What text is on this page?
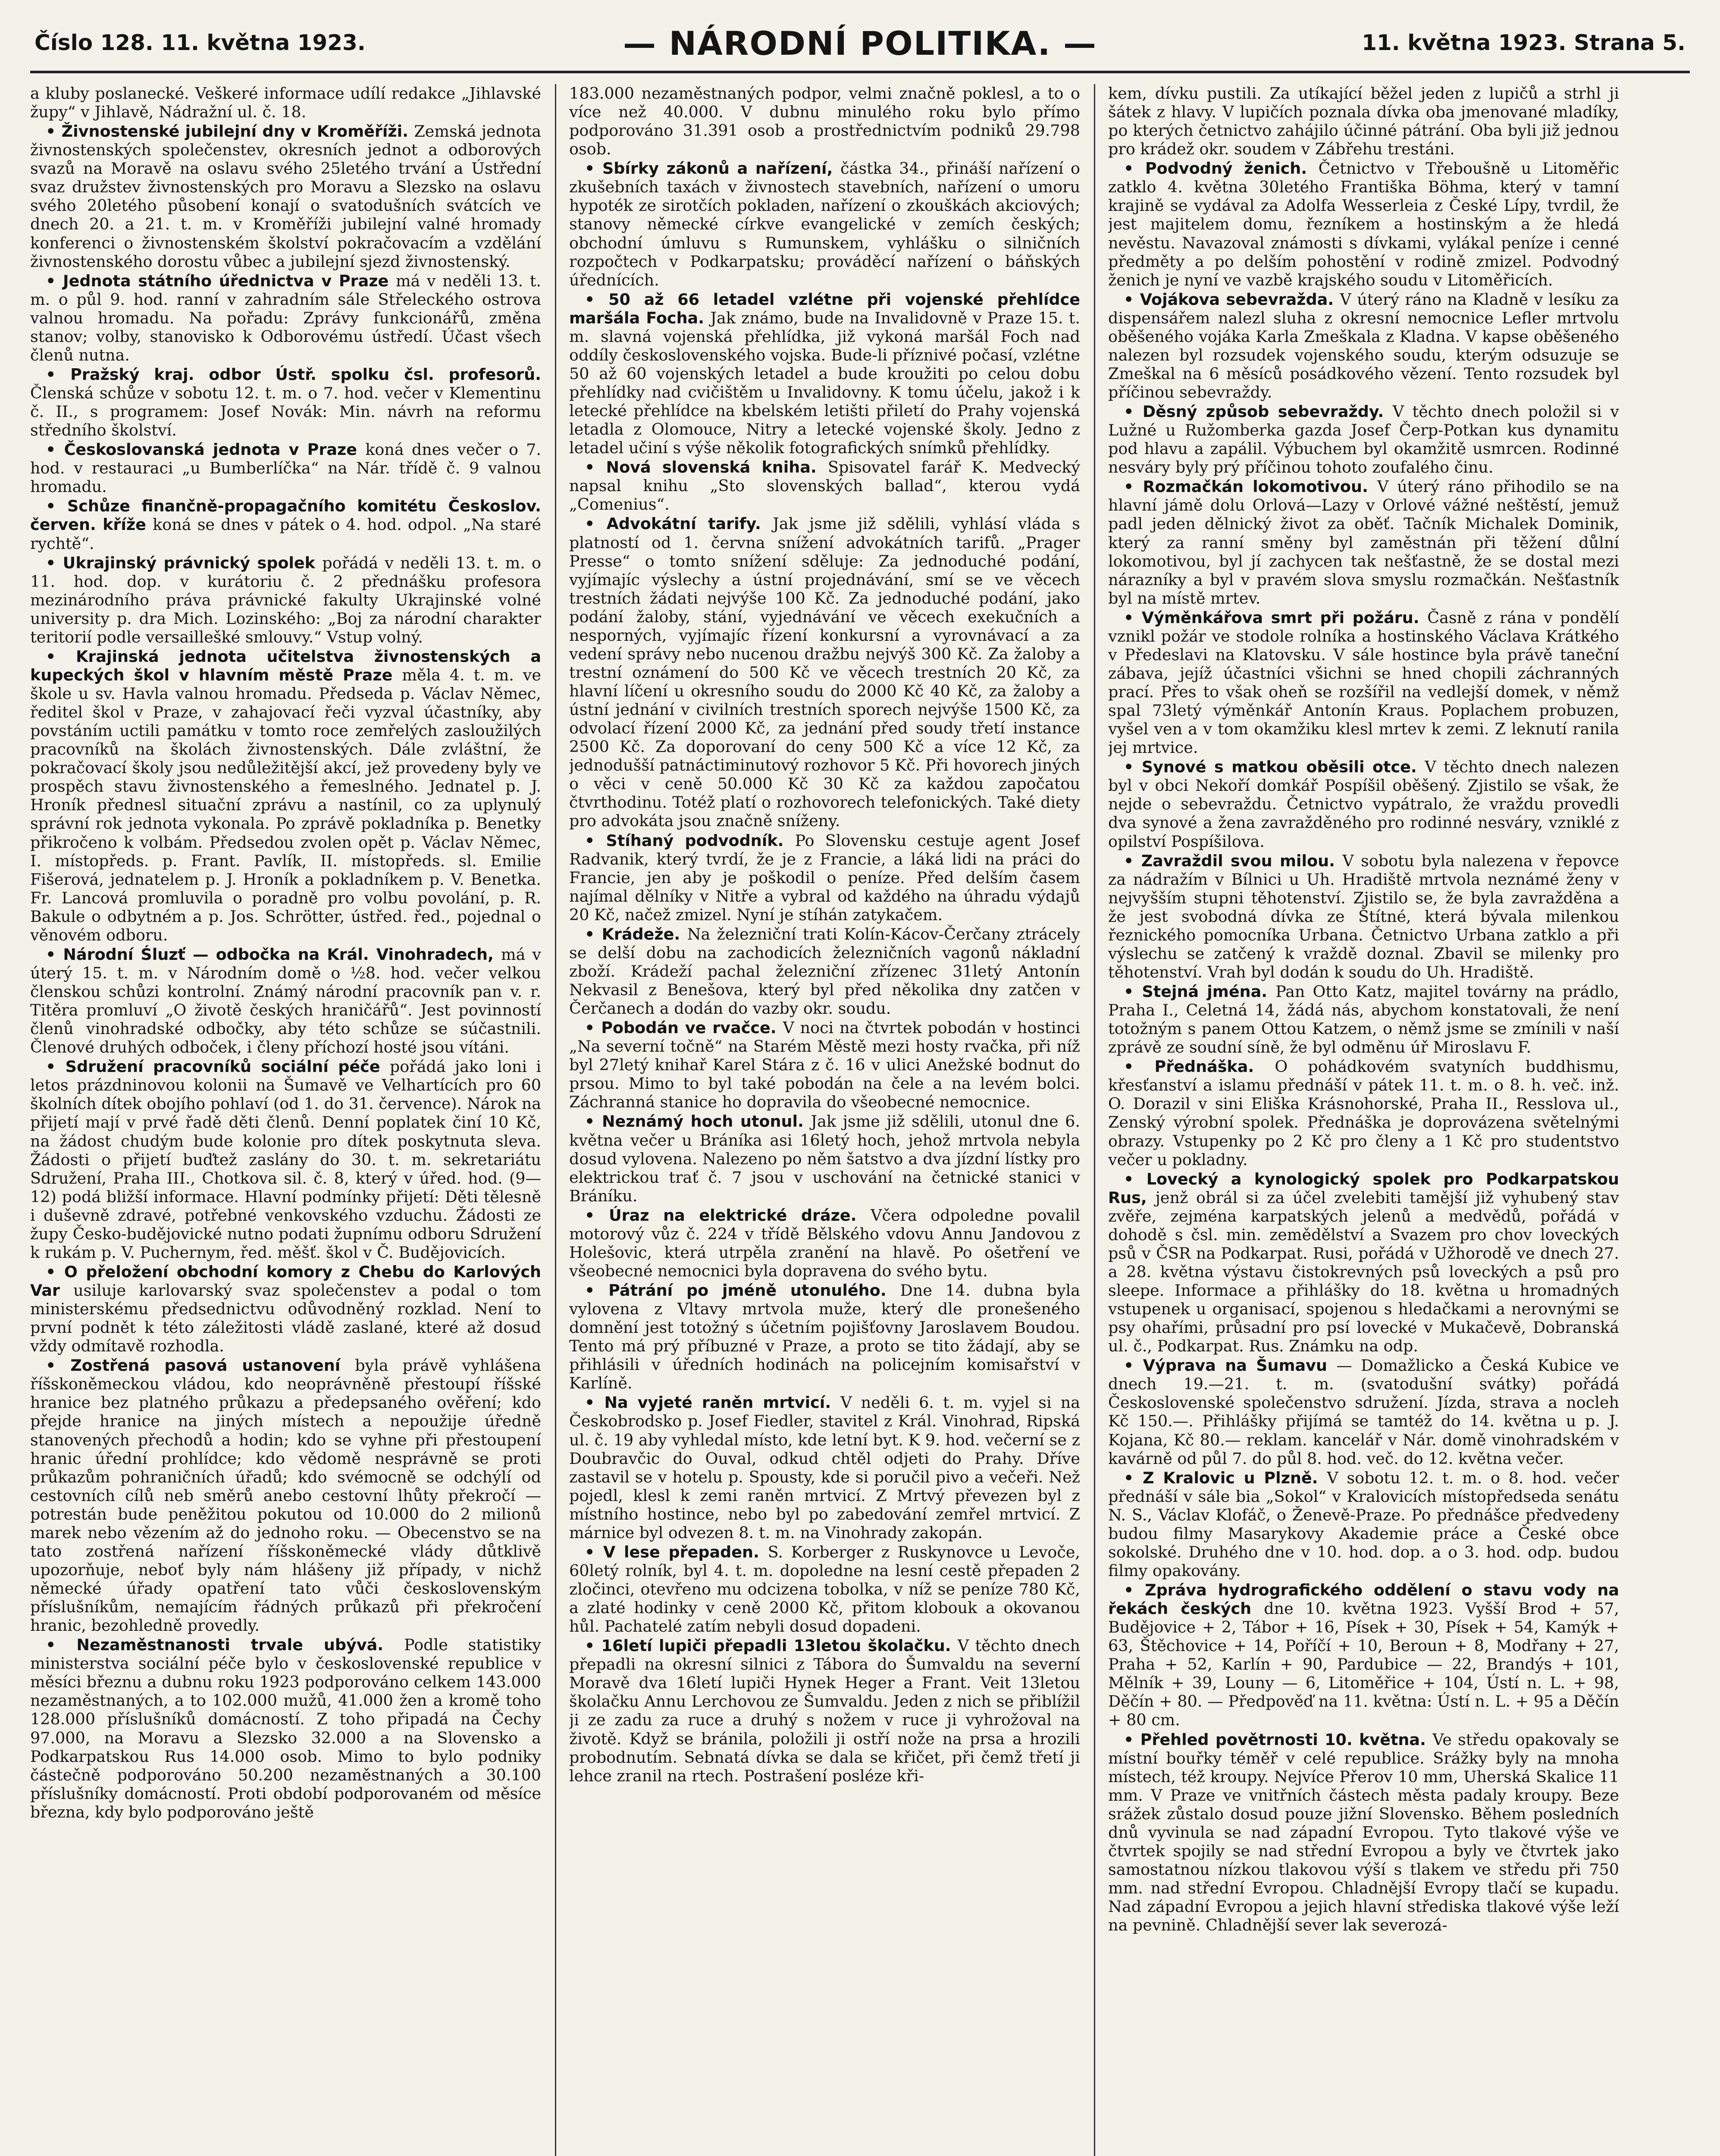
Číslo 128. 11. května 1923.	— NÁRODNÍ POLITIKA. —	11. května 1923. Strana 5.

a kluby poslanecké. Veškeré informace udílí redakce „Jihlavské župy“ v Jihlavě, Nádražní ul. č. 18.

• Živnostenské jubilejní dny v Kroměříži. Zemská jednota živnostenských společenstev, okresních jednot a odborových svazů na Moravě na oslavu svého 25letého trvání a Ústřední svaz družstev živnostenských pro Moravu a Slezsko na oslavu svého 20letého působení konají o svatodušních svátcích ve dnech 20. a 21. t. m. v Kroměříži jubilejní valné hromady konferenci o živnostenském školství pokračovacím a vzdělání živnostenského dorostu vůbec a jubilejní sjezd živnostenský.

• Jednota státního úřednictva v Praze má v neděli 13. t. m. o půl 9. hod. ranní v zahradním sále Střeleckého ostrova valnou hromadu. Na pořadu: Zprávy funkcionářů, změna stanov; volby, stanovisko k Odborovému ústředí. Účast všech členů nutna.

• Pražský kraj. odbor Ústř. spolku čsl. profesorů. Členská schůze v sobotu 12. t. m. o 7. hod. večer v Klementinu č. II., s programem: Josef Novák: Min. návrh na reformu středního školství.

• Českoslovanská jednota v Praze koná dnes večer o 7. hod. v restauraci „u Bumberlíčka“ na Nár. třídě č. 9 valnou hromadu.

• Schůze finančně-propagačního komitétu Českoslov. červen. kříže koná se dnes v pátek o 4. hod. odpol. „Na staré rychtě“.

• Ukrajinský právnický spolek pořádá v neděli 13. t. m. o 11. hod. dop. v kurátoriu č. 2 přednášku profesora mezinárodního práva právnické fakulty Ukrajinské volné university p. dra Mich. Lozinského: „Boj za národní charakter teritorií podle versaillešké smlouvy.“ Vstup volný.

• Krajinská jednota učitelstva živnostenských a kupeckých škol v hlavním městě Praze měla 4. t. m. ve škole u sv. Havla valnou hromadu. Předseda p. Václav Němec, ředitel škol v Praze, v zahajovací řeči vyzval účastníky, aby povstáním uctili památku v tomto roce zemřelých zasloužilých pracovníků na školách živnostenských. Dále zvláštní, že pokračovací školy jsou nedůležitější akcí, jež provedeny byly ve prospěch stavu živnostenského a řemeslného. Jednatel p. J. Hroník přednesl situační zprávu a nastínil, co za uplynulý správní rok jednota vykonala. Po zprávě pokladníka p. Benetky přikročeno k volbám. Předsedou zvolen opět p. Václav Němec, I. místopředs. p. Frant. Pavlík, II. místopředs. sl. Emilie Fišerová, jednatelem p. J. Hroník a pokladníkem p. V. Benetka. Fr. Lancová promluvila o poradně pro volbu povolání, p. R. Bakule o odbytném a p. Jos. Schrötter, ústřed. řed., pojednal o věnovém odboru.

• Národní Śluzť — odbočka na Král. Vinohradech, má v úterý 15. t. m. v Národním domě o ½8. hod. večer velkou členskou schůzi kontrolní. Známý národní pracovník pan v. r. Titěra promluví „O životě českých hraničářů“. Jest povinností členů vinohradské odbočky, aby této schůze se súčastnili. Členové druhých odboček, i členy příchozí hosté jsou vítáni.

• Sdružení pracovníků sociální péče pořádá jako loni i letos prázdninovou kolonii na Šumavě ve Velhartících pro 60 školních dítek obojího pohlaví (od 1. do 31. července). Nárok na přijetí mají v prvé řadě děti členů. Denní poplatek činí 10 Kč, na žádost chudým bude kolonie pro dítek poskytnuta sleva. Žádosti o přijetí buďtež zaslány do 30. t. m. sekretariátu Sdružení, Praha III., Chotkova sil. č. 8, který v úřed. hod. (9—12) podá bližší informace. Hlavní podmínky přijetí: Děti tělesně i duševně zdravé, potřebné venkovského vzduchu. Žádosti ze župy Česko-budějovické nutno podati župnímu odboru Sdružení k rukám p. V. Puchernym, řed. měšť. škol v Č. Budějovicích.

• O přeložení obchodní komory z Chebu do Karlových Var usiluje karlovarský svaz společenstev a podal o tom ministerskému předsednictvu odůvodněný rozklad. Není to první podnět k této záležitosti vládě zaslané, které až dosud vždy odmítavě rozhodla.

• Zostřená pasová ustanovení byla právě vyhlášena říšskoněmeckou vládou, kdo neoprávněně přestoupí říšské hranice bez platného průkazu a předepsaného ověření; kdo přejde hranice na jiných místech a nepoužije úředně stanovených přechodů a hodin; kdo se vyhne při přestoupení hranic úřední prohlídce; kdo vědomě nesprávně se proti průkazům pohraničních úřadů; kdo svémocně se odchýlí od cestovních cílů neb směrů anebo cestovní lhůty překročí — potrestán bude peněžitou pokutou od 10.000 do 2 milionů marek nebo vězením až do jednoho roku. — Obecenstvo se na tato zostřená nařízení říšskoněmecké vlády důtklivě upozorňuje, neboť byly nám hlášeny již případy, v nichž německé úřady opatření tato vůči československým příslušníkům, nemajícím řádných průkazů při překročení hranic, bezohledně provedly.

• Nezaměstnanosti trvale ubývá. Podle statistiky ministerstva sociální péče bylo v československé republice v měsíci březnu a dubnu roku 1923 podporováno celkem 143.000 nezaměstnaných, a to 102.000 mužů, 41.000 žen a kromě toho 128.000 příslušníků domácností. Z toho připadá na Čechy 97.000, na Moravu a Slezsko 32.000 a na Slovensko a Podkarpatskou Rus 14.000 osob. Mimo to bylo podniky částečně podporováno 50.200 nezaměstnaných a 30.100 příslušníky domácností. Proti období podporovaném od měsíce března, kdy bylo podporováno ještě

183.000 nezaměstnaných podpor, velmi značně poklesl, a to o více než 40.000. V dubnu minulého roku bylo přímo podporováno 31.391 osob a prostřednictvím podniků 29.798 osob.

• Sbírky zákonů a nařízení, částka 34., přináší nařízení o zkušebních taxách v živnostech stavebních, nařízení o umoru hypoték ze sirotčích pokladen, nařízení o zkouškách akciových; stanovy německé církve evangelické v zemích českých; obchodní úmluvu s Rumunskem, vyhlášku o silničních rozpočtech v Podkarpatsku; prováděcí nařízení o báňských úřednících.

• 50 až 66 letadel vzlétne při vojenské přehlídce maršála Focha. Jak známo, bude na Invalidovně v Praze 15. t. m. slavná vojenská přehlídka, již vykoná maršál Foch nad oddíly československého vojska. Bude-li příznivé počasí, vzlétne 50 až 60 vojenských letadel a bude kroužiti po celou dobu přehlídky nad cvičištěm u Invalidovny. K tomu účelu, jakož i k letecké přehlídce na kbelském letišti přiletí do Prahy vojenská letadla z Olomouce, Nitry a letecké vojenské školy. Jedno z letadel učiní s výše několik fotografických snímků přehlídky.

• Nová slovenská kniha. Spisovatel farář K. Medvecký napsal knihu „Sto slovenských ballad“, kterou vydá „Comenius“.

• Advokátní tarify. Jak jsme již sdělili, vyhlásí vláda s platností od 1. června snížení advokátních tarifů. „Prager Presse“ o tomto snížení sděluje: Za jednoduché podání, vyjímajíc výslechy a ústní projednávání, smí se ve věcech trestních žádati nejvýše 100 Kč. Za jednoduché podání, jako podání žaloby, stání, vyjednávání ve věcech exekučních a nesporných, vyjímajíc řízení konkursní a vyrovnávací a za vedení správy nebo nucenou dražbu nejvýš 300 Kč. Za žaloby a trestní oznámení do 500 Kč ve věcech trestních 20 Kč, za hlavní líčení u okresního soudu do 2000 Kč 40 Kč, za žaloby a ústní jednání v civilních trestních sporech nejvýše 1500 Kč, za odvolací řízení 2000 Kč, za jednání před soudy třetí instance 2500 Kč. Za doporovaní do ceny 500 Kč a více 12 Kč, za jednodušší patnáctiminutový rozhovor 5 Kč. Při hovorech jiných o věci v ceně 50.000 Kč 30 Kč za každou započatou čtvrthodinu. Totéž platí o rozhovorech telefonických. Také diety pro advokáta jsou značně sníženy.

• Stíhaný podvodník. Po Slovensku cestuje agent Josef Radvanik, který tvrdí, že je z Francie, a láká lidi na práci do Francie, jen aby je poškodil o peníze. Před delším časem najímal dělníky v Nitře a vybral od každého na úhradu výdajů 20 Kč, načež zmizel. Nyní je stíhán zatykačem.

• Krádeže. Na železniční trati Kolín-Kácov-Čerčany ztrácely se delší dobu na zachodicích železničních vagonů nákladní zboží. Krádeží pachal železniční zřízenec 31letý Antonín Nekvasil z Benešova, který byl před několika dny zatčen v Čerčanech a dodán do vazby okr. soudu.

• Pobodán ve rvačce. V noci na čtvrtek pobodán v hostinci „Na severní točně“ na Starém Městě mezi hosty rvačka, při níž byl 27letý knihař Karel Stára z č. 16 v ulici Anežské bodnut do prsou. Mimo to byl také pobodán na čele a na levém bolci. Záchranná stanice ho dopravila do všeobecné nemocnice.

• Neznámý hoch utonul. Jak jsme již sdělili, utonul dne 6. května večer u Bráníka asi 16letý hoch, jehož mrtvola nebyla dosud vylovena. Nalezeno po něm šatstvo a dva jízdní lístky pro elektrickou trať č. 7 jsou v uschování na četnické stanici v Bráníku.

• Úraz na elektrické dráze. Včera odpoledne povalil motorový vůz č. 224 v třídě Bělského vdovu Annu Jandovou z Holešovic, která utrpěla zranění na hlavě. Po ošetření ve všeobecné nemocnici byla dopravena do svého bytu.

• Pátrání po jméně utonulého. Dne 14. dubna byla vylovena z Vltavy mrtvola muže, který dle pronešeného domnění jest totožný s účetním pojišťovny Jaroslavem Boudou. Tento má prý příbuzné v Praze, a proto se tito žádají, aby se přihlásili v úředních hodinách na policejním komisařství v Karlíně.

• Na vyjeté raněn mrtvicí. V neděli 6. t. m. vyjel si na Českobrodsko p. Josef Fiedler, stavitel z Král. Vinohrad, Ripská ul. č. 19 aby vyhledal místo, kde letní byt. K 9. hod. večerní se z Doubravčic do Ouval, odkud chtěl odjeti do Prahy. Dříve zastavil se v hotelu p. Spousty, kde si poručil pivo a večeři. Než pojedl, klesl k zemi raněn mrtvicí. Z Mrtvý převezen byl z místního hostince, nebo byl po zabedování zemřel mrtvicí. Z márnice byl odvezen 8. t. m. na Vinohrady zakopán.

• V lese přepaden. S. Korberger z Ruskynovce u Levoče, 60letý rolník, byl 4. t. m. dopoledne na lesní cestě přepaden 2 zločinci, otevřeno mu odcizena tobolka, v níž se peníze 780 Kč, a zlaté hodinky v ceně 2000 Kč, přitom klobouk a okovanou hůl. Pachatelé zatím nebyli dosud dopadeni.

• 16letí lupiči přepadli 13letou školačku. V těchto dnech přepadli na okresní silnici z Tábora do Šumvaldu na severní Moravě dva 16letí lupiči Hynek Heger a Frant. Veit 13letou školačku Annu Lerchovou ze Šumvaldu. Jeden z nich se přiblížil ji ze zadu za ruce a druhý s nožem v ruce ji vyhrožoval na životě. Když se bránila, položili ji ostří nože na prsa a hrozili probodnutím. Sebnatá dívka se dala se křičet, při čemž třetí ji lehce zranil na rtech. Postrašení posléze kři-

kem, dívku pustili. Za utíkající běžel jeden z lupičů a strhl ji šátek z hlavy. V lupičích poznala dívka oba jmenované mladíky, po kterých četnictvo zahájilo účinné pátrání. Oba byli již jednou pro krádež okr. soudem v Zábřehu trestáni.

• Podvodný ženich. Četnictvo v Třeboušně u Litoměřic zatklo 4. května 30letého Františka Böhma, který v tamní krajině se vydával za Adolfa Wesserleia z České Lípy, tvrdil, že jest majitelem domu, řezníkem a hostinským a že hledá nevěstu. Navazoval známosti s dívkami, vylákal peníze i cenné předměty a po delším pohostění v rodině zmizel. Podvodný ženich je nyní ve vazbě krajského soudu v Litoměřicích.

• Vojákova sebevražda. V úterý ráno na Kladně v lesíku za dispensářem nalezl sluha z okresní nemocnice Lefler mrtvolu oběšeného vojáka Karla Zmeškala z Kladna. V kapse oběšeného nalezen byl rozsudek vojenského soudu, kterým odsuzuje se Zmeškal na 6 měsíců posádkového vězení. Tento rozsudek byl příčinou sebevraždy.

• Děsný způsob sebevraždy. V těchto dnech položil si v Lužné u Ružomberka gazda Josef Čerp-Potkan kus dynamitu pod hlavu a zapálil. Výbuchem byl okamžitě usmrcen. Rodinné nesváry byly prý příčinou tohoto zoufalého činu.

• Rozmačkán lokomotivou. V úterý ráno přihodilo se na hlavní jámě dolu Orlová—Lazy v Orlové vážné neštěstí, jemuž padl jeden dělnický život za oběť. Tačník Michalek Dominik, který za ranní směny byl zaměstnán při těžení důlní lokomotivou, byl jí zachycen tak nešťastně, že se dostal mezi nárazníky a byl v pravém slova smyslu rozmačkán. Nešťastník byl na místě mrtev.

• Výměnkářova smrt při požáru. Časně z rána v pondělí vznikl požár ve stodole rolníka a hostinského Václava Krátkého v Předeslavi na Klatovsku. V sále hostince byla právě taneční zábava, jejíž účastníci všichni se hned chopili záchranných prací. Přes to však oheň se rozšířil na vedlejší domek, v němž spal 73letý výměnkář Antonín Kraus. Poplachem probuzen, vyšel ven a v tom okamžiku klesl mrtev k zemi. Z leknutí ranila jej mrtvice.

• Synové s matkou oběsili otce. V těchto dnech nalezen byl v obci Nekoří domkář Pospíšil oběšený. Zjistilo se však, že nejde o sebevraždu. Četnictvo vypátralo, že vraždu provedli dva synové a žena zavražděného pro rodinné nesváry, vzniklé z opilství Pospíšilova.

• Zavraždil svou milou. V sobotu byla nalezena v řepovce za nádražím v Bílnici u Uh. Hradiště mrtvola neznámé ženy v nejvyšším stupni těhotenství. Zjistilo se, že byla zavražděna a že jest svobodná dívka ze Štítné, která bývala milenkou řeznického pomocníka Urbana. Četnictvo Urbana zatklo a při výslechu se zatčený k vraždě doznal. Zbavil se milenky pro těhotenství. Vrah byl dodán k soudu do Uh. Hradiště.

• Stejná jména. Pan Otto Katz, majitel továrny na prádlo, Praha I., Celetná 14, žádá nás, abychom konstatovali, že není totožným s panem Ottou Katzem, o němž jsme se zmínili v naší zprávě ze soudní síně, že byl odměnu úř Miroslavu F.

• Přednáška. O pohádkovém svatyních buddhismu, křesťanství a islamu přednáší v pátek 11. t. m. o 8. h. več. inž. O. Dorazil v sini Eliška Krásnohorské, Praha II., Resslova ul., Zenský výrobní spolek. Přednáška je doprovázena světelnými obrazy. Vstupenky po 2 Kč pro členy a 1 Kč pro studentstvo večer u pokladny.

• Lovecký a kynologický spolek pro Podkarpatskou Rus, jenž obrál si za účel zvelebiti tamější již vyhubený stav zvěře, zejména karpatských jelenů a medvědů, pořádá v dohodě s čsl. min. zemědělství a Svazem pro chov loveckých psů v ČSR na Podkarpat. Rusi, pořádá v Užhorodě ve dnech 27. a 28. května výstavu čistokrevných psů loveckých a psů pro sleepe. Informace a přihlášky do 18. května u hromadných vstupenek u organisací, spojenou s hledačkami a nerovnými se psy ohařími, průsadní pro psí lovecké v Mukačevě, Dobranská ul. č., Podkarpat. Rus. Známku na odp.

• Výprava na Šumavu — Domažlicko a Česká Kubice ve dnech 19.—21. t. m. (svatodušní svátky) pořádá Československé společenstvo sdružení. Jízda, strava a nocleh Kč 150.—. Přihlášky přijímá se tamtéž do 14. května u p. J. Kojana, Kč 80.— reklam. kancelář v Nár. domě vinohradském v kavárně od půl 7. do půl 8. hod. več. do 12. května večer.

• Z Kralovic u Plzně. V sobotu 12. t. m. o 8. hod. večer přednáší v sále bia „Sokol“ v Kralovicích místopředseda senátu N. S., Václav Klofáč, o Ženevě-Praze. Po přednášce předvedeny budou filmy Masarykovy Akademie práce a České obce sokolské. Druhého dne v 10. hod. dop. a o 3. hod. odp. budou filmy opakovány.

• Zpráva hydrografického oddělení o stavu vody na řekách českých dne 10. května 1923. Vyšší Brod + 57, Budějovice + 2, Tábor + 16, Písek + 30, Písek + 54, Kamýk + 63, Štěchovice + 14, Poříčí + 10, Beroun + 8, Modřany + 27, Praha + 52, Karlín + 90, Pardubice — 22, Brandýs + 101, Mělník + 39, Louny — 6, Litoměřice + 104, Ústí n. L. + 98, Děčín + 80. — Předpověď na 11. května: Ústí n. L. + 95 a Děčín + 80 cm.

• Přehled povětrnosti 10. května. Ve středu opakovaly se místní bouřky téměř v celé republice. Srážky byly na mnoha místech, též kroupy. Nejvíce Přerov 10 mm, Uherská Skalice 11 mm. V Praze ve vnitřních částech města padaly kroupy. Beze srážek zůstalo dosud pouze jižní Slovensko. Během posledních dnů vyvinula se nad západní Evropou. Tyto tlakové výše ve čtvrtek spojily se nad střední Evropou a byly ve čtvrtek jako samostatnou nízkou tlakovou výší s tlakem ve středu při 750 mm. nad střední Evropou. Chladnější Evropy tlačí se kupadu. Nad západní Evropou a jejich hlavní střediska tlakové výše leží na pevnině. Chladnější sever lak severozá-
